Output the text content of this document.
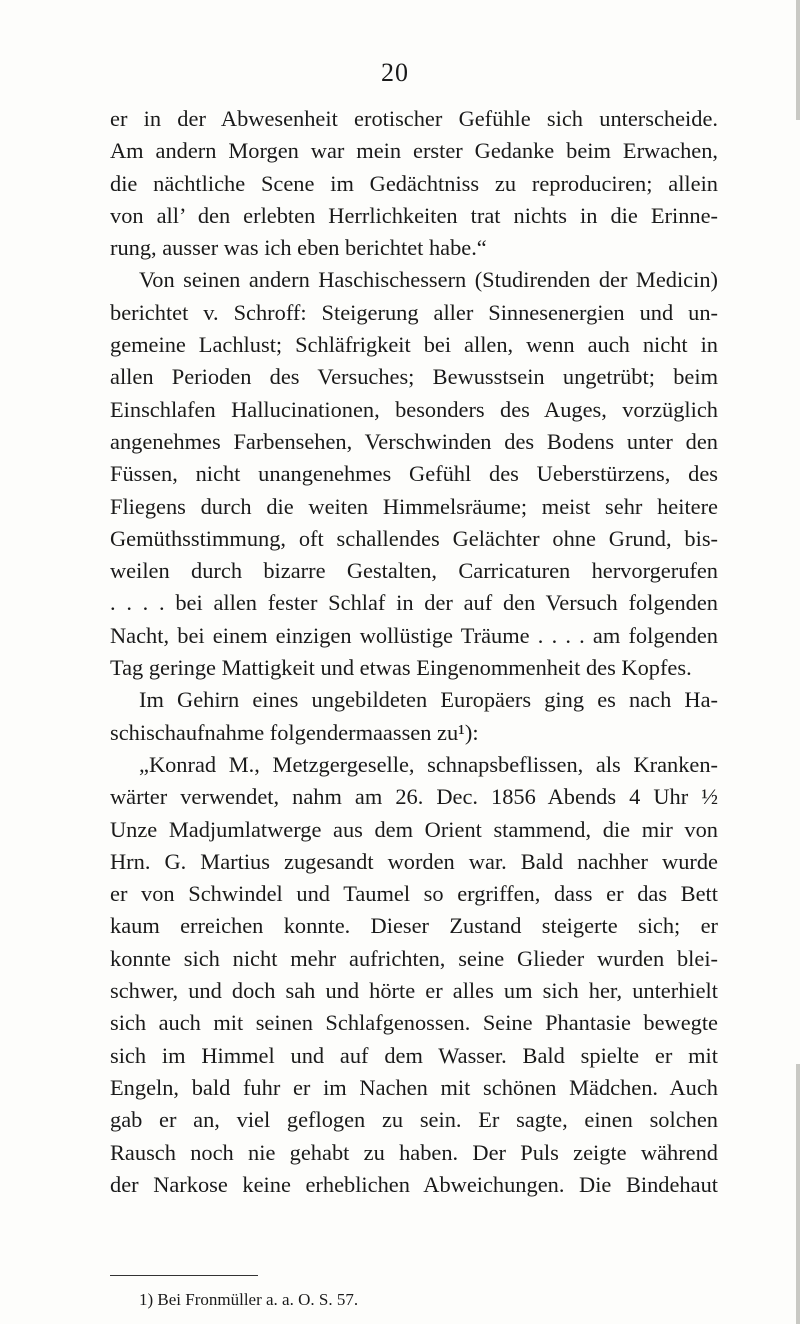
20
er in der Abwesenheit erotischer Gefühle sich unterscheide.
Am andern Morgen war mein erster Gedanke beim Erwachen,
die nächtliche Scene im Gedächtniss zu reproduciren; allein
von all’ den erlebten Herrlichkeiten trat nichts in die Erinne-
rung, ausser was ich eben berichtet habe.“
Von seinen andern Haschischessern (Studirenden der Medicin)
berichtet v. Schroff: Steigerung aller Sinnesenergien und un-
gemeine Lachlust; Schläfrigkeit bei allen, wenn auch nicht in
allen Perioden des Versuches; Bewusstsein ungetrübt; beim
Einschlafen Hallucinationen, besonders des Auges, vorzüglich
angenehmes Farbensehen, Verschwinden des Bodens unter den
Füssen, nicht unangenehmes Gefühl des Ueberstürzens, des
Fliegens durch die weiten Himmelsräume; meist sehr heitere
Gemüthsstimmung, oft schallendes Gelächter ohne Grund, bis-
weilen durch bizarre Gestalten, Carricaturen hervorgerufen
. . . . bei allen fester Schlaf in der auf den Versuch folgenden
Nacht, bei einem einzigen wollüstige Träume . . . . am folgenden
Tag geringe Mattigkeit und etwas Eingenommenheit des Kopfes.
Im Gehirn eines ungebildeten Europäers ging es nach Ha-
schischaufnahme folgendermaassen zu¹):
„Konrad M., Metzgergeselle, schnapsbeflissen, als Kranken-
wärter verwendet, nahm am 26. Dec. 1856 Abends 4 Uhr ½
Unze Madjumlatwerge aus dem Orient stammend, die mir von
Hrn. G. Martius zugesandt worden war. Bald nachher wurde
er von Schwindel und Taumel so ergriffen, dass er das Bett
kaum erreichen konnte. Dieser Zustand steigerte sich; er
konnte sich nicht mehr aufrichten, seine Glieder wurden blei-
schwer, und doch sah und hörte er alles um sich her, unterhielt
sich auch mit seinen Schlafgenossen. Seine Phantasie bewegte
sich im Himmel und auf dem Wasser. Bald spielte er mit
Engeln, bald fuhr er im Nachen mit schönen Mädchen. Auch
gab er an, viel geflogen zu sein. Er sagte, einen solchen
Rausch noch nie gehabt zu haben. Der Puls zeigte während
der Narkose keine erheblichen Abweichungen. Die Bindehaut
1) Bei Fronmüller a. a. O. S. 57.
